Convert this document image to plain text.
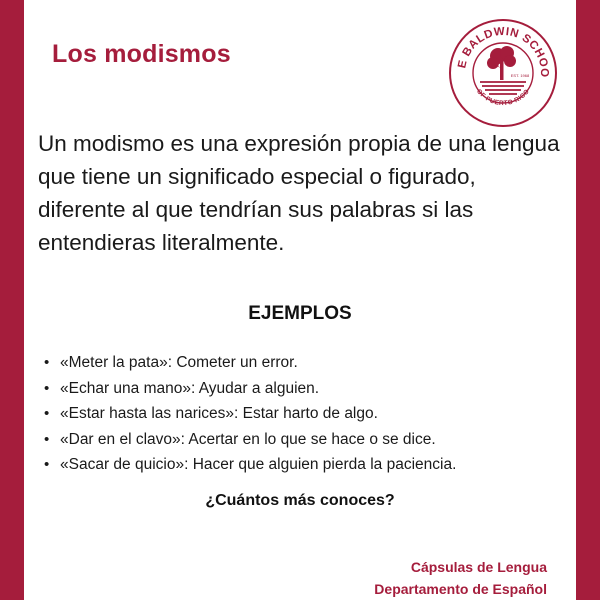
Los modismos	E BALDWIN SCHOO
OF PUERTO RICO
EST. 1968
Un modismo es una expresión propia de una lengua que tiene un significado especial o figurado, diferente al que tendrían sus palabras si las entendieras literalmente.
EJEMPLOS
• «Meter la pata»: Cometer un error.
• «Echar una mano»: Ayudar a alguien.
• «Estar hasta las narices»: Estar harto de algo.
• «Dar en el clavo»: Acertar en lo que se hace o se dice.
• «Sacar de quicio»: Hacer que alguien pierda la paciencia.
¿Cuántos más conoces?
Cápsulas de Lengua
Departamento de Español
